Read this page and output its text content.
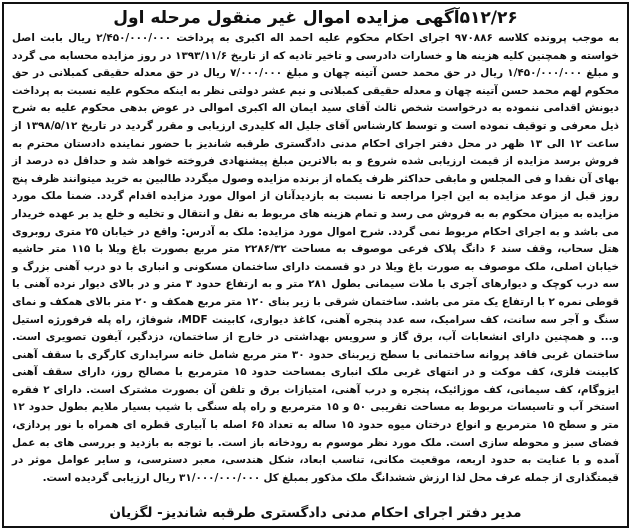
۵۱۲/۲۶آگهی مزایده اموال غیر منقول مرحله اول

به موجب پرونده کلاسه ۹۷۰۸۸۶ اجرای احکام محکوم علیه احمد اله اکبری به پرداخت ۲/۴۵۰/۰۰۰/۰۰۰ ریال بابت اصل خواسته و همچنین کلیه هزینه ها و خسارات دادرسی و تاخیر تادیه که از تاریخ ۱۳۹۳/۱۱/۶ در روز مزایده محسابه می گردد و مبلغ ۱/۴۵۰/۰۰۰/۰۰۰ ریال در حق محمد حسن آتینه چهان و مبلغ ۷/۰۰۰/۰۰۰ ریال در حق معدله حقیقی کمبلانی در حق محکوم لهم محمد حسن آتینه چهان و معدله حقیقی کمبلانی و نیم عشر دولتی نظر به اینکه محکوم علیه نسبت به پرداخت دیونش اقدامی ننموده به درخواست شخص ثالث آقای سید ایمان اله اکبری اموالی در عوض بدهی محکوم علیه به شرح ذیل معرفی و توقیف نموده است و توسط کارشناس آقای جلیل اله کلیدری ارزیابی و مقرر گردید در تاریخ ۱۳۹۸/۵/۱۲ از ساعت ۱۲ الی ۱۳ ظهر در محل دفتر اجرای احکام مدنی دادگستری طرقبه شاندیز با حضور نماینده دادستان محترم به فروش برسد مزایده از قیمت ارزیابی شده شروع و به بالاترین مبلغ پیشنهادی فروخته خواهد شد و حداقل ده درصد از بهای آن نقدا و فی المجلس و مابقی حداکثر ظرف یکماه از برنده مزایده وصول میگردد طالبین به خرید میتوانند ظرف پنج روز قبل از موعد مزایده به این اجرا مراجعه تا نسبت به بازدیدآنان از اموال مورد مزایده اقدام گردد. ضمنا ملک مورد مزایده به میزان محکوم به به فروش می رسد و تمام هزینه های مربوط به نقل و انتقال و تخلیه و خلع ید بر عهده خریدار می باشد و به اجرای احکام مربوط نمی گردد. شرح اموال مورد مزایده: ملک به آدرس: واقع در خیابان ۲۵ متری روبروی هتل سحاب، وقف سند ۶ دانگ پلاک فرعی موصوف به مساحت ۲۲۸۶/۳۲ متر مربع بصورت باغ ویلا با ۱۱۵ متر حاشیه خیابان اصلی، ملک موصوف به صورت باغ ویلا در دو قسمت دارای ساختمان مسکونی و انباری با دو درب آهنی بزرگ و سه درب کوچک و دیوارهای آجری با ملات سیمانی بطول ۲۸۱ متر و به ارتفاع حدود ۳ متر و در بالای دیوار نرده آهنی با قوطی نمره ۲ با ارتفاع یک متر می باشد. ساختمان شرقی با زیر بنای ۱۲۰ متر مربع همکف و ۲۰ متر بالای همکف و نمای سنگ و آجر سه سانت، کف سرامیک، سه عدد پنجره آهنی، کاغذ دیواری، کابینت MDF، شوفاژ، راه پله فرفورژه استیل و... و همچنین دارای انشعابات آب، برق گاز و سرویس بهداشتی در خارج از ساختمان، دزدگیر، آیفون تصویری است. ساختمان غربی فاقد پروانه ساختمانی با سطح زیربنای حدود ۳۰ متر مربع شامل خانه سرایداری کارگری با سقف آهنی کابینت فلزی، کف موکت و در انتهای غربی ملک انباری بمساحت حدود ۱۵ مترمربع با مصالح روز، دارای سقف آهنی ایزوگام، کف سیمانی، کف موزائیک، پنجره و درب آهنی، امتیازات برق و تلفن آن بصورت مشترک است. دارای ۲ فقره استخر آب و تاسیسات مربوط به مساحت تقریبی ۵۰ و ۱۵ مترمربع و راه پله سنگی با شیب بسیار ملایم بطول حدود ۱۲ متر و سطح ۱۵ مترمربع و انواع درختان میوه حدود ۱۵ ساله به تعداد ۶۵ اصله با آبیاری قطره ای همراه با نور پردازی، فضای سبز و محوطه سازی است. ملک مورد نظر موسوم به رودخانه باز است. با توجه به بازدید و بررسی های به عمل آمده و با عنایت به حدود اربعه، موقعیت مکانی، تناسب ابعاد، شکل هندسی، معبر دسترسی، و سایر عوامل موثر در قیمتگذاری از جمله عرف محل لذا ارزش ششدانگ ملک مذکور بمبلغ کل ۳۱/۰۰۰/۰۰۰/۰۰۰ ریال ارزیابی گردیده است.

مدیر دفتر اجرای احکام مدنی دادگستری طرقبه شاندیز- لگزیان
